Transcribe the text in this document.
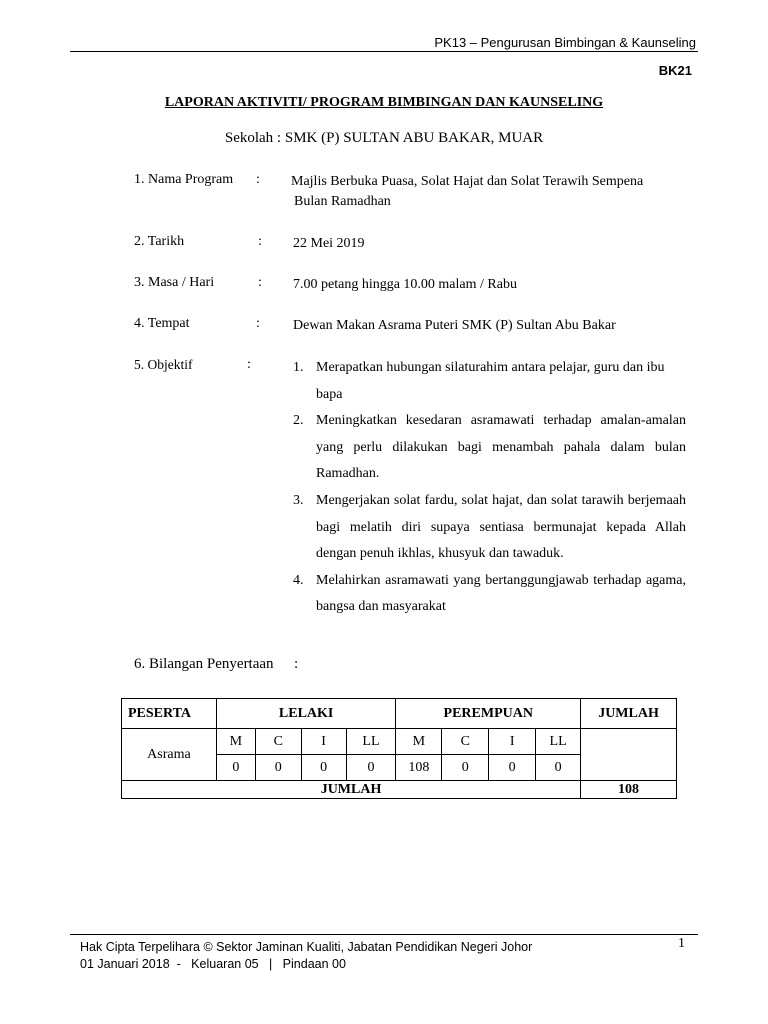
PK13 – Pengurusan Bimbingan & Kaunseling
BK21
LAPORAN AKTIVITI/ PROGRAM BIMBINGAN DAN KAUNSELING
Sekolah : SMK (P) SULTAN ABU BAKAR, MUAR
1. Nama Program : Majlis Berbuka Puasa, Solat Hajat dan Solat Terawih Sempena
Bulan Ramadhan
2. Tarikh	: 22 Mei 2019
3. Masa / Hari	: 7.00 petang hingga 10.00 malam / Rabu
4. Tempat	: Dewan Makan Asrama Puteri SMK (P) Sultan Abu Bakar
5. Objektif	:	1. Merapatkan hubungan silaturahim antara pelajar, guru dan ibu bapa
2. Meningkatkan kesedaran asramawati terhadap amalan-amalan yang perlu dilakukan bagi menambah pahala dalam bulan Ramadhan.
3. Mengerjakan solat fardu, solat hajat, dan solat tarawih berjemaah bagi melatih diri supaya sentiasa bermunajat kepada Allah dengan penuh ikhlas, khusyuk dan tawaduk.
4. Melahirkan asramawati yang bertanggungjawab terhadap agama, bangsa dan masyarakat
6. Bilangan Penyertaan :
PESERTA	LELAKI				PEREMPUAN				JUMLAH
Asrama	M	C	I	LL	M	C	I	LL	
	0	0	0	0	108	0	0	0	
JUMLAH									108
Hak Cipta Terpelihara © Sektor Jaminan Kualiti, Jabatan Pendidikan Negeri Johor
01 Januari 2018  -   Keluaran 05   |   Pindaan 00
1
